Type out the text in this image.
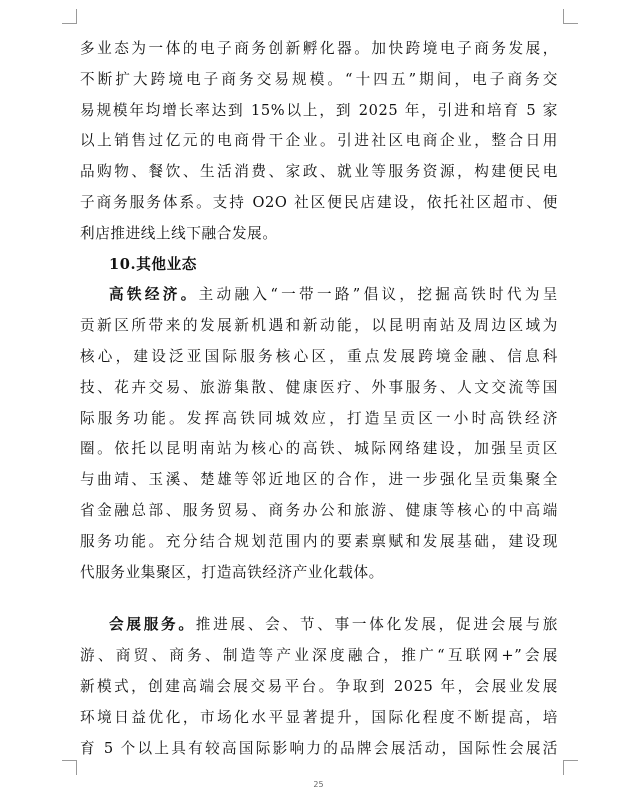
多业态为一体的电子商务创新孵化器。加快跨境电子商务发展，
不断扩大跨境电子商务交易规模。“十四五”期间，电子商务交
易规模年均增长率达到 15%以上，到 2025 年，引进和培育 5 家
以上销售过亿元的电商骨干企业。引进社区电商企业，整合日用
品购物、餐饮、生活消费、家政、就业等服务资源，构建便民电
子商务服务体系。支持 O2O 社区便民店建设，依托社区超市、便
利店推进线上线下融合发展。
10.其他业态
高铁经济。主动融入“一带一路”倡议，挖掘高铁时代为呈
贡新区所带来的发展新机遇和新动能，以昆明南站及周边区域为
核心，建设泛亚国际服务核心区，重点发展跨境金融、信息科
技、花卉交易、旅游集散、健康医疗、外事服务、人文交流等国
际服务功能。发挥高铁同城效应，打造呈贡区一小时高铁经济
圈。依托以昆明南站为核心的高铁、城际网络建设，加强呈贡区
与曲靖、玉溪、楚雄等邻近地区的合作，进一步强化呈贡集聚全
省金融总部、服务贸易、商务办公和旅游、健康等核心的中高端
服务功能。充分结合规划范围内的要素禀赋和发展基础，建设现
代服务业集聚区，打造高铁经济产业化载体。
会展服务。推进展、会、节、事一体化发展，促进会展与旅
游、商贸、商务、制造等产业深度融合，推广“互联网+”会展
新模式，创建高端会展交易平台。争取到 2025 年，会展业发展
环境日益优化，市场化水平显著提升，国际化程度不断提高，培
育 5 个以上具有较高国际影响力的品牌会展活动，国际性会展活
25
